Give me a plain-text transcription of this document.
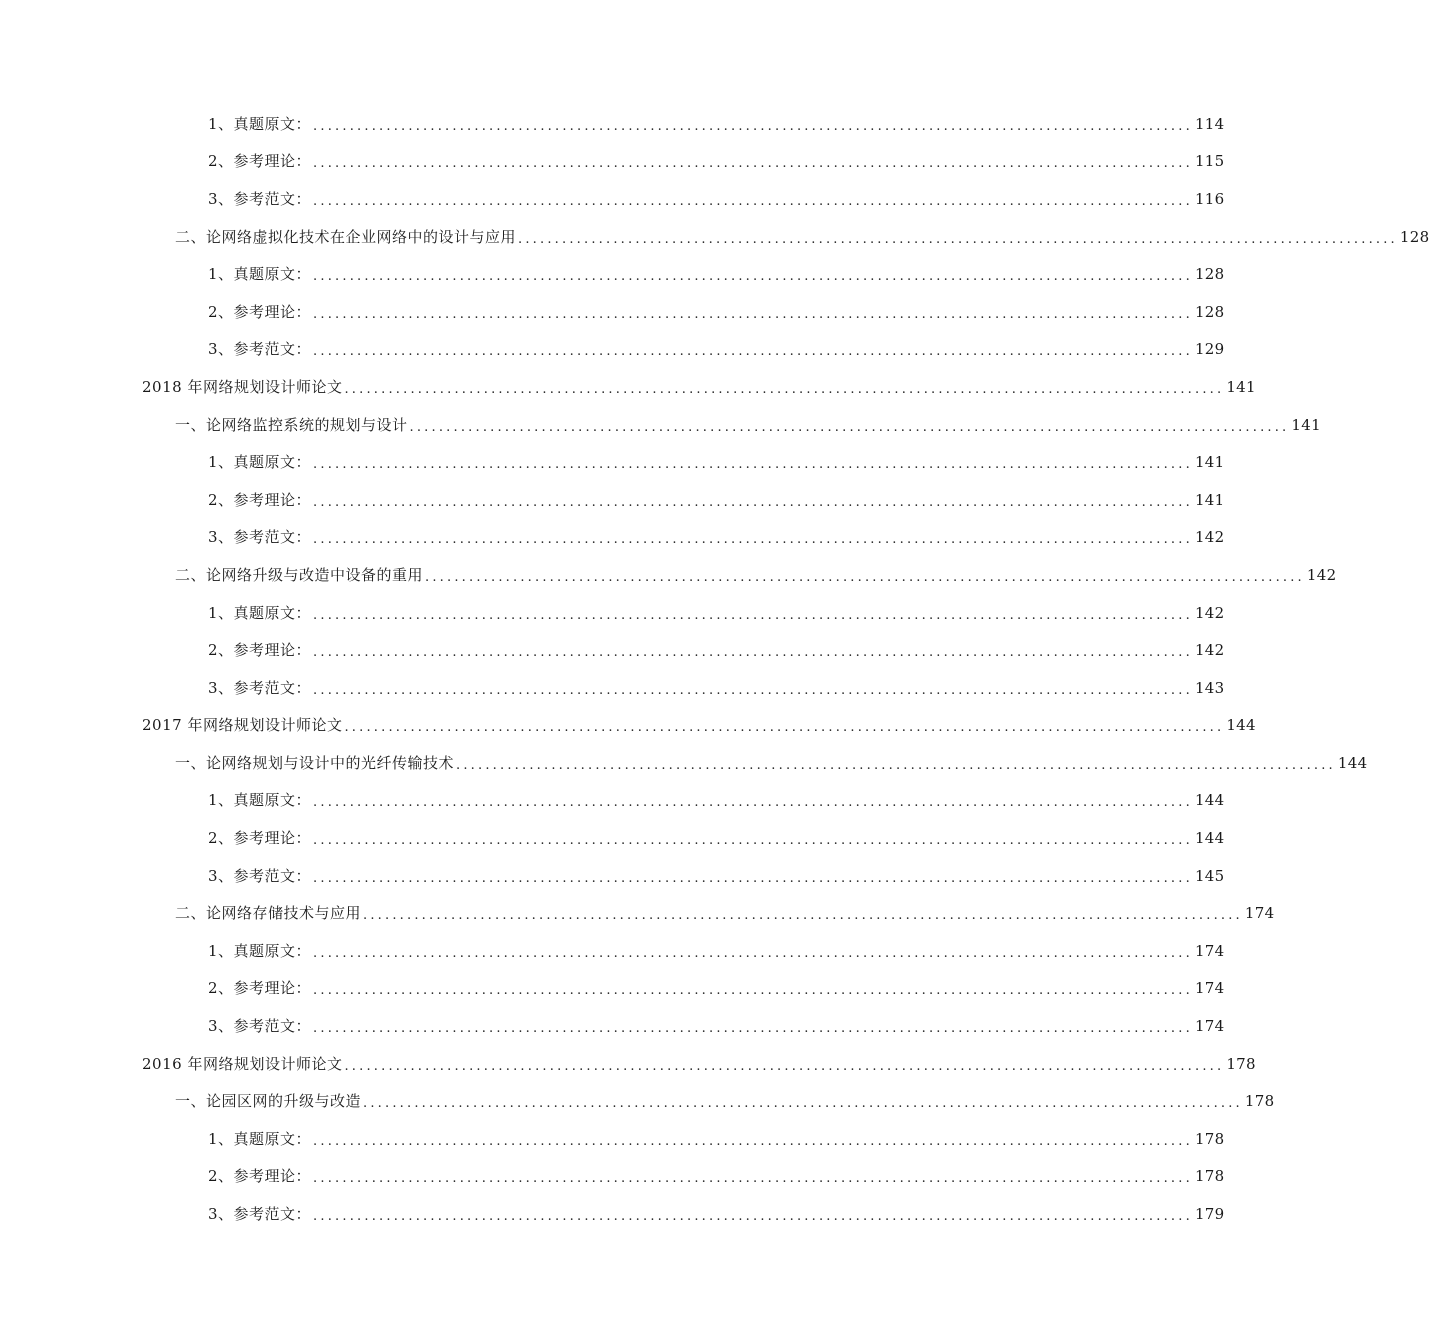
1、真题原文： ........................................................................................................................ 114
2、参考理论： ........................................................................................................................ 115
3、参考范文： ........................................................................................................................ 116
二、论网络虚拟化技术在企业网络中的设计与应用 ........................................................................................................................ 128
1、真题原文： ........................................................................................................................ 128
2、参考理论： ........................................................................................................................ 128
3、参考范文： ........................................................................................................................ 129
2018 年网络规划设计师论文 ........................................................................................................................ 141
一、论网络监控系统的规划与设计 ........................................................................................................................ 141
1、真题原文： ........................................................................................................................ 141
2、参考理论： ........................................................................................................................ 141
3、参考范文： ........................................................................................................................ 142
二、论网络升级与改造中设备的重用 ........................................................................................................................ 142
1、真题原文： ........................................................................................................................ 142
2、参考理论： ........................................................................................................................ 142
3、参考范文： ........................................................................................................................ 143
2017 年网络规划设计师论文 ........................................................................................................................ 144
一、论网络规划与设计中的光纤传输技术 ........................................................................................................................ 144
1、真题原文： ........................................................................................................................ 144
2、参考理论： ........................................................................................................................ 144
3、参考范文： ........................................................................................................................ 145
二、论网络存储技术与应用 ........................................................................................................................ 174
1、真题原文： ........................................................................................................................ 174
2、参考理论： ........................................................................................................................ 174
3、参考范文： ........................................................................................................................ 174
2016 年网络规划设计师论文 ........................................................................................................................ 178
一、论园区网的升级与改造 ........................................................................................................................ 178
1、真题原文： ........................................................................................................................ 178
2、参考理论： ........................................................................................................................ 178
3、参考范文： ........................................................................................................................ 179
